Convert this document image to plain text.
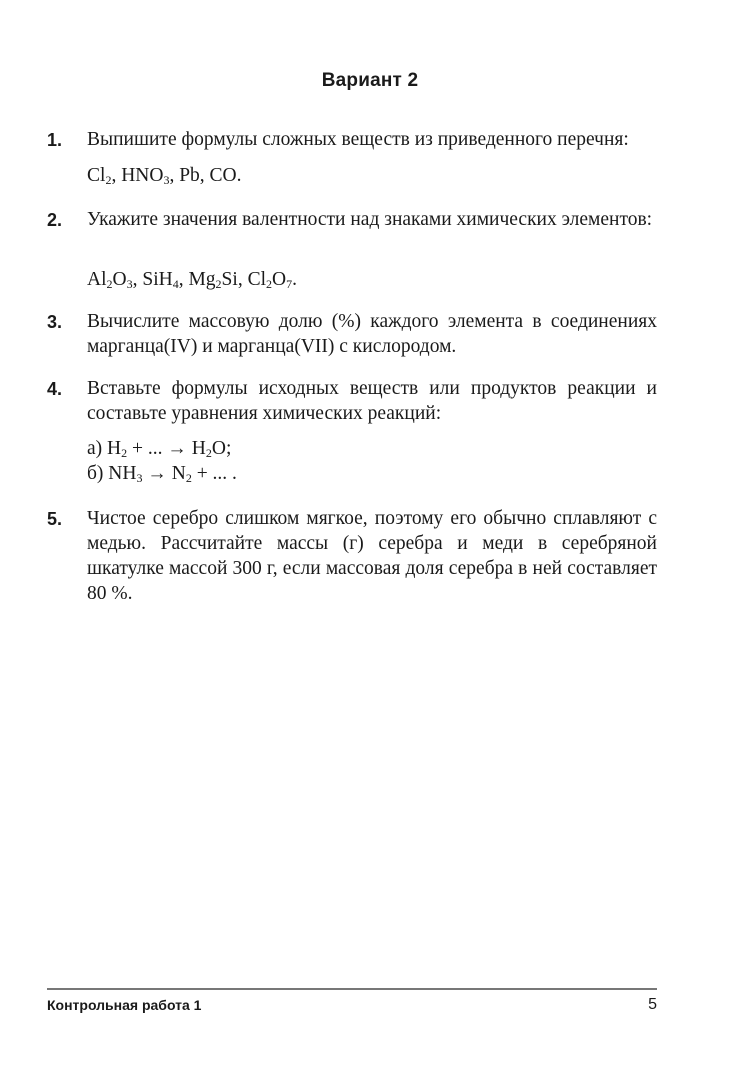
Вариант 2
1. Выпишите формулы сложных веществ из приведенного перечня:

$Cl_2$, $HNO_3$, Pb, CO.
2. Укажите значения валентности над знаками химических элементов:

$Al_2O_3$, SiH$_4$, $Mg_2Si$, $Cl_2O_7$.
3. Вычислите массовую долю (%) каждого элемента в соединениях марганца(IV) и марганца(VII) с кислородом.

4. Вставьте формулы исходных веществ или продуктов реакции и составьте уравнения химических реакций:

а) $H_2$ + ... → $H_2O$;
б) $NH_3 \to N_2$ + ... .
5. Чистое серебро слишком мягкое, поэтому его обычно сплавляют с медью. Рассчитайте массы (г) серебра и меди в серебряной шкатулке массой 300 г, если массовая доля серебра в ней составляет 80 %.

Контрольная работа 1	5
